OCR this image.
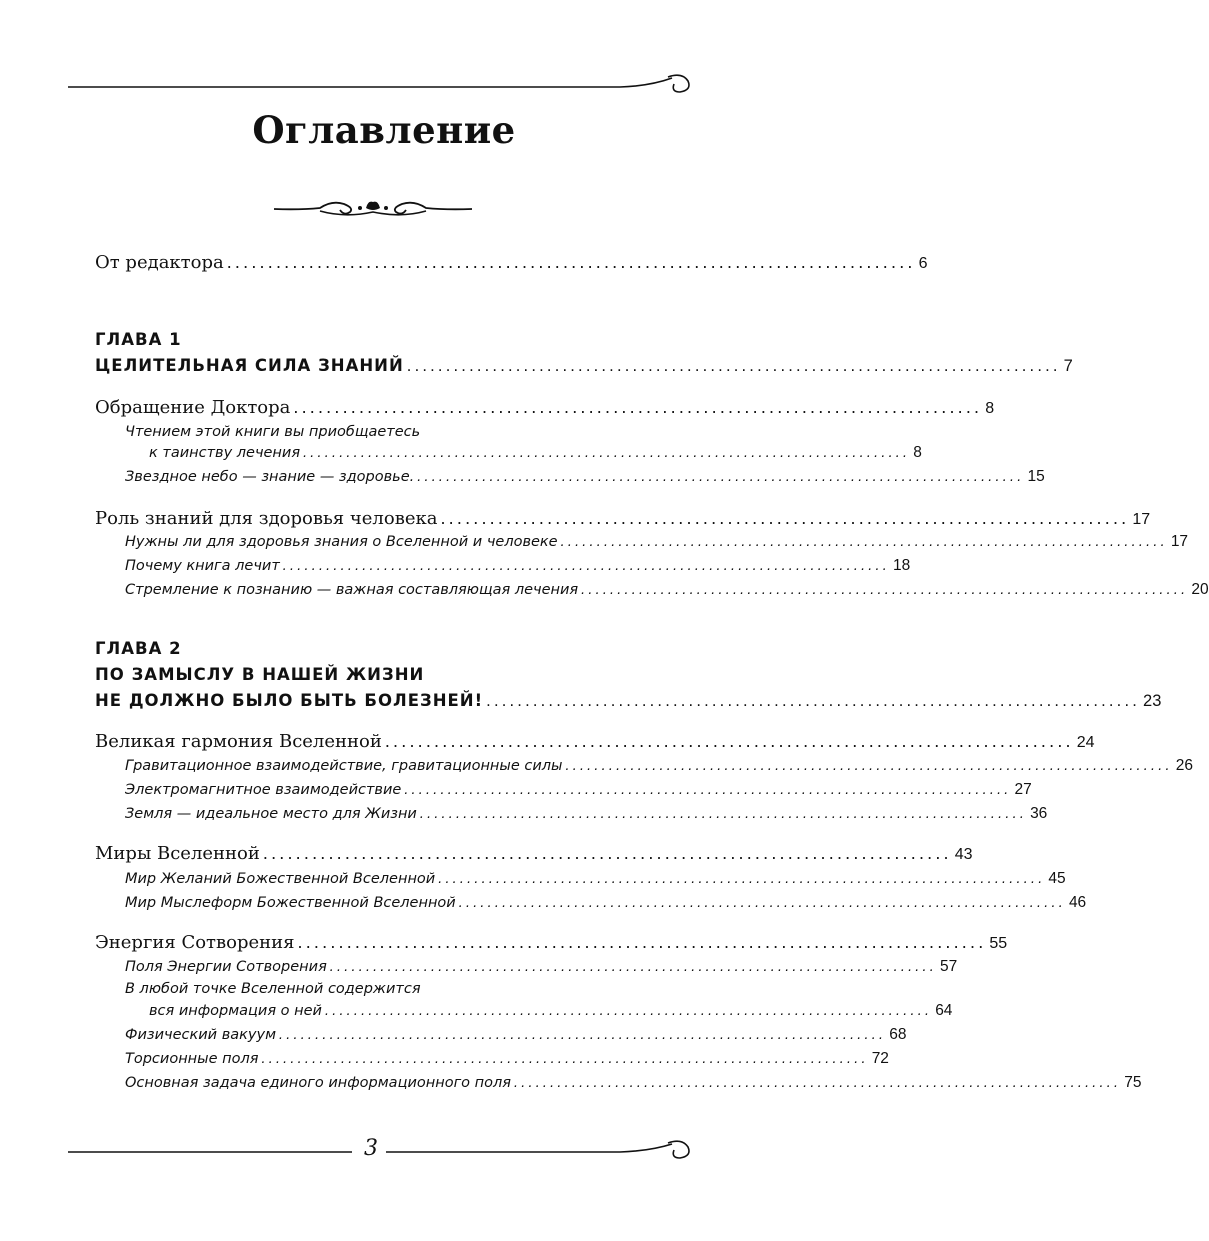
Оглавление
От редактора .................................................................................... 6
ГЛАВА 1
ЦЕЛИТЕЛЬНАЯ СИЛА ЗНАНИЙ .................................................................................... 7
Обращение Доктора .................................................................................... 8
Чтением этой книги вы приобщаетесь
к таинству лечения .................................................................................... 8
Звездное небо — знание — здоровье. .................................................................................... 15
Роль знаний для здоровья человека .................................................................................... 17
Нужны ли для здоровья знания о Вселенной и человеке .................................................................................... 17
Почему книга лечит .................................................................................... 18
Стремление к познанию — важная составляющая лечения .................................................................................... 20
ГЛАВА 2
ПО ЗАМЫСЛУ В НАШЕЙ ЖИЗНИ
НЕ ДОЛЖНО БЫЛО БЫТЬ БОЛЕЗНЕЙ! .................................................................................... 23
Великая гармония Вселенной .................................................................................... 24
Гравитационное взаимодействие, гравитационные силы .................................................................................... 26
Электромагнитное взаимодействие .................................................................................... 27
Земля — идеальное место для Жизни .................................................................................... 36
Миры Вселенной .................................................................................... 43
Мир Желаний Божественной Вселенной .................................................................................... 45
Мир Мыслеформ Божественной Вселенной .................................................................................... 46
Энергия Сотворения .................................................................................... 55
Поля Энергии Сотворения .................................................................................... 57
В любой точке Вселенной содержится
вся информация о ней .................................................................................... 64
Физический вакуум .................................................................................... 68
Торсионные поля .................................................................................... 72
Основная задача единого информационного поля .................................................................................... 75
3
